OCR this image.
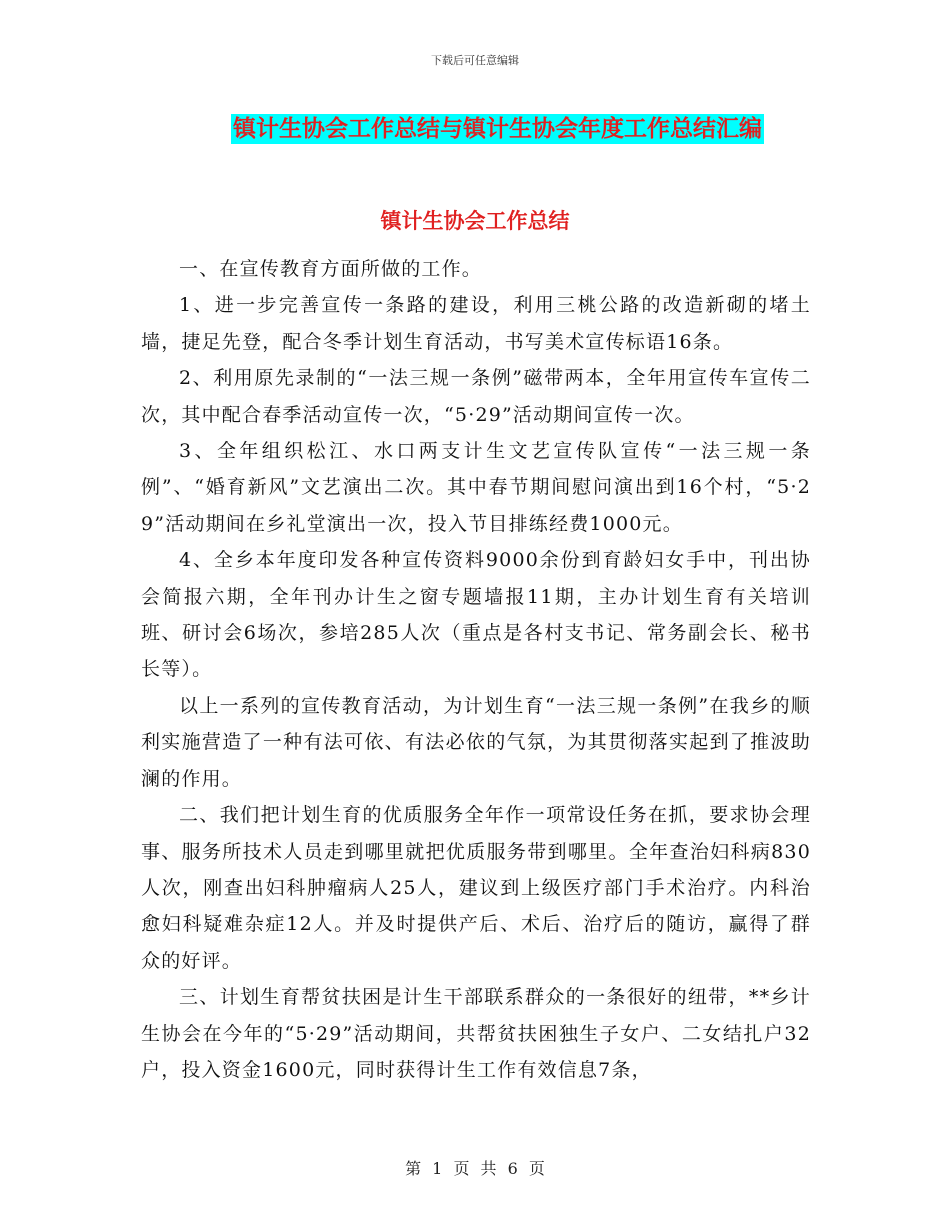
下载后可任意编辑
镇计生协会工作总结与镇计生协会年度工作总结汇编
镇计生协会工作总结

一、在宣传教育方面所做的工作。

1、进一步完善宣传一条路的建设，利用三桃公路的改造新砌的堵土墙，捷足先登，配合冬季计划生育活动，书写美术宣传标语16条。

2、利用原先录制的“一法三规一条例”磁带两本，全年用宣传车宣传二次，其中配合春季活动宣传一次，“5·29”活动期间宣传一次。

3、全年组织松江、水口两支计生文艺宣传队宣传“一法三规一条例”、“婚育新风”文艺演出二次。其中春节期间慰问演出到16个村，“5·29”活动期间在乡礼堂演出一次，投入节目排练经费1000元。

4、全乡本年度印发各种宣传资料9000余份到育龄妇女手中，刊出协会简报六期，全年刊办计生之窗专题墙报11期，主办计划生育有关培训班、研讨会6场次，参培285人次（重点是各村支书记、常务副会长、秘书长等）。

以上一系列的宣传教育活动，为计划生育“一法三规一条例”在我乡的顺利实施营造了一种有法可依、有法必依的气氛，为其贯彻落实起到了推波助澜的作用。

二、我们把计划生育的优质服务全年作一项常设任务在抓，要求协会理事、服务所技术人员走到哪里就把优质服务带到哪里。全年查治妇科病830人次，刚查出妇科肿瘤病人25人，建议到上级医疗部门手术治疗。内科治愈妇科疑难杂症12人。并及时提供产后、术后、治疗后的随访，赢得了群众的好评。

三、计划生育帮贫扶困是计生干部联系群众的一条很好的纽带，**乡计生协会在今年的“5·29”活动期间，共帮贫扶困独生子女户、二女结扎户32户，投入资金1600元，同时获得计生工作有效信息7条，

第 1 页 共 6 页
